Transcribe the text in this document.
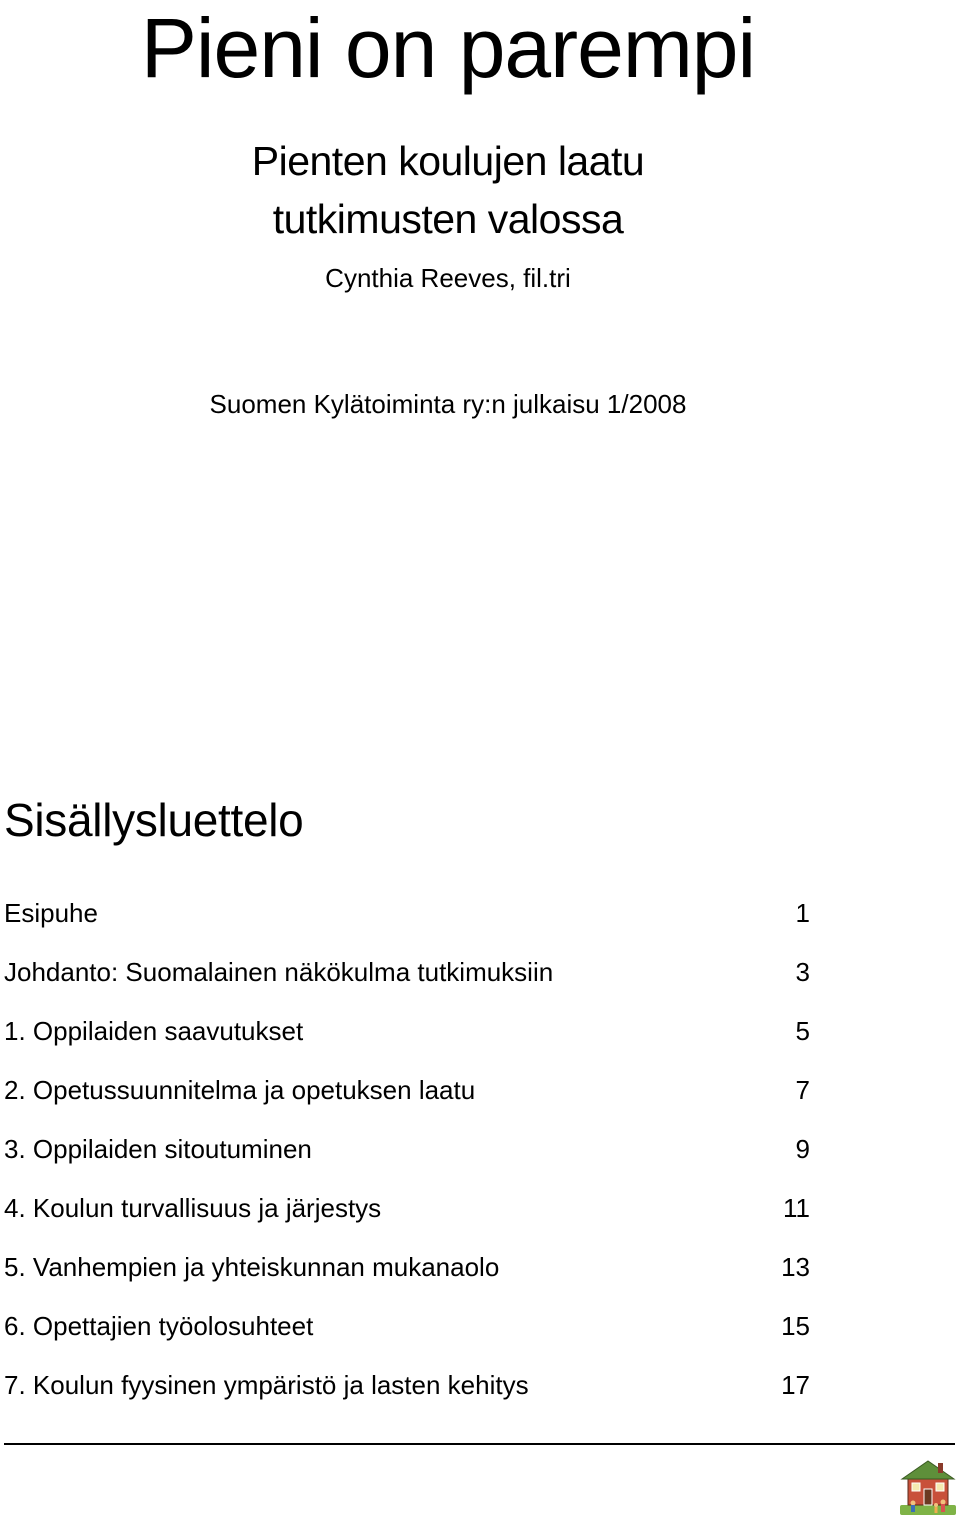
Pieni on parempi
Pienten koulujen laatu
tutkimusten valossa
Cynthia Reeves, fil.tri
Suomen Kylätoiminta ry:n julkaisu 1/2008
Sisällysluettelo
Esipuhe	1
Johdanto: Suomalainen näkökulma tutkimuksiin	3
1. Oppilaiden saavutukset	5
2. Opetussuunnitelma ja opetuksen laatu	7
3. Oppilaiden sitoutuminen	9
4. Koulun turvallisuus ja järjestys	11
5. Vanhempien ja yhteiskunnan mukanaolo	13
6. Opettajien työolosuhteet	15
7. Koulun fyysinen ympäristö ja lasten kehitys	17
